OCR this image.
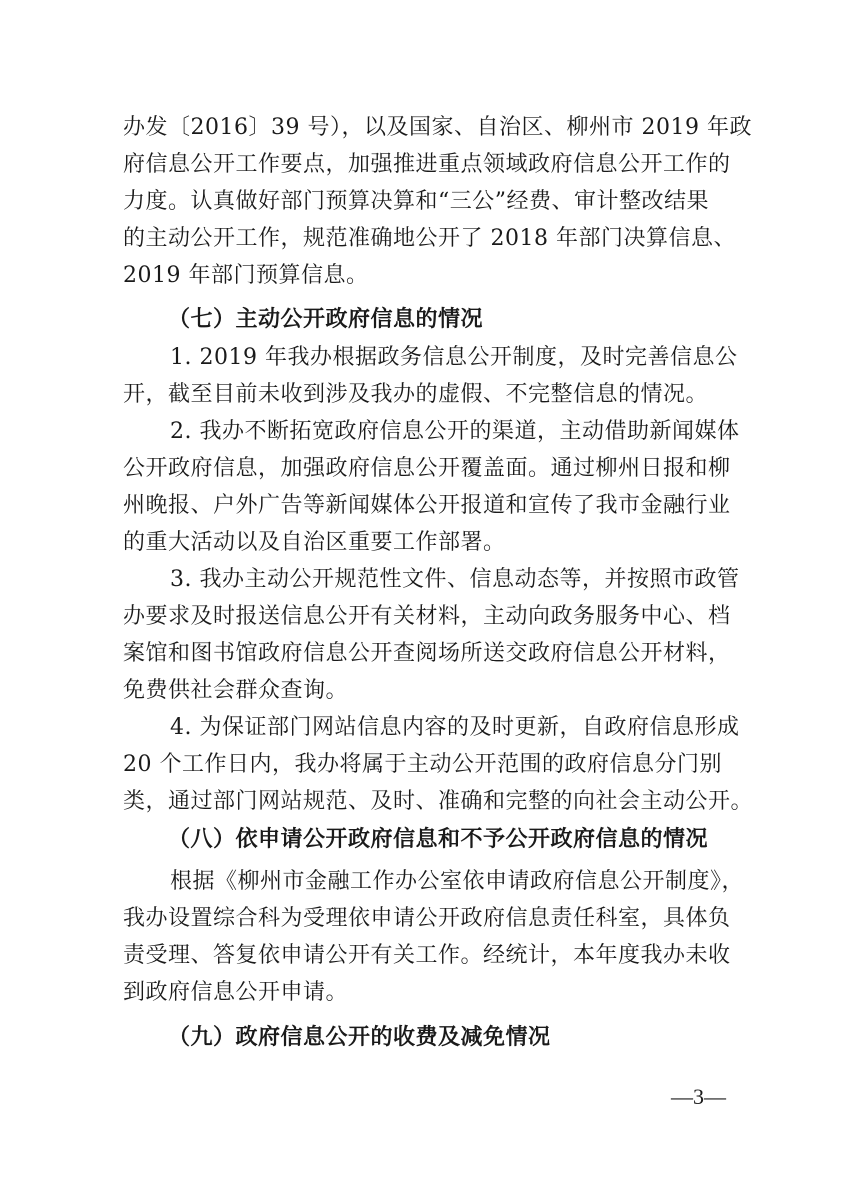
办发〔2016〕39 号），以及国家、自治区、柳州市 2019 年政
府信息公开工作要点，加强推进重点领域政府信息公开工作的
力度。认真做好部门预算决算和“三公”经费、审计整改结果
的主动公开工作，规范准确地公开了 2018 年部门决算信息、
2019 年部门预算信息。
（七）主动公开政府信息的情况
1. 2019 年我办根据政务信息公开制度，及时完善信息公
开，截至目前未收到涉及我办的虚假、不完整信息的情况。
2. 我办不断拓宽政府信息公开的渠道，主动借助新闻媒体
公开政府信息，加强政府信息公开覆盖面。通过柳州日报和柳
州晚报、户外广告等新闻媒体公开报道和宣传了我市金融行业
的重大活动以及自治区重要工作部署。
3. 我办主动公开规范性文件、信息动态等，并按照市政管
办要求及时报送信息公开有关材料，主动向政务服务中心、档
案馆和图书馆政府信息公开查阅场所送交政府信息公开材料，
免费供社会群众查询。
4. 为保证部门网站信息内容的及时更新，自政府信息形成
20 个工作日内，我办将属于主动公开范围的政府信息分门别
类，通过部门网站规范、及时、准确和完整的向社会主动公开。
（八）依申请公开政府信息和不予公开政府信息的情况
根据《柳州市金融工作办公室依申请政府信息公开制度》，
我办设置综合科为受理依申请公开政府信息责任科室，具体负
责受理、答复依申请公开有关工作。经统计，本年度我办未收
到政府信息公开申请。
（九）政府信息公开的收费及减免情况
—3—
